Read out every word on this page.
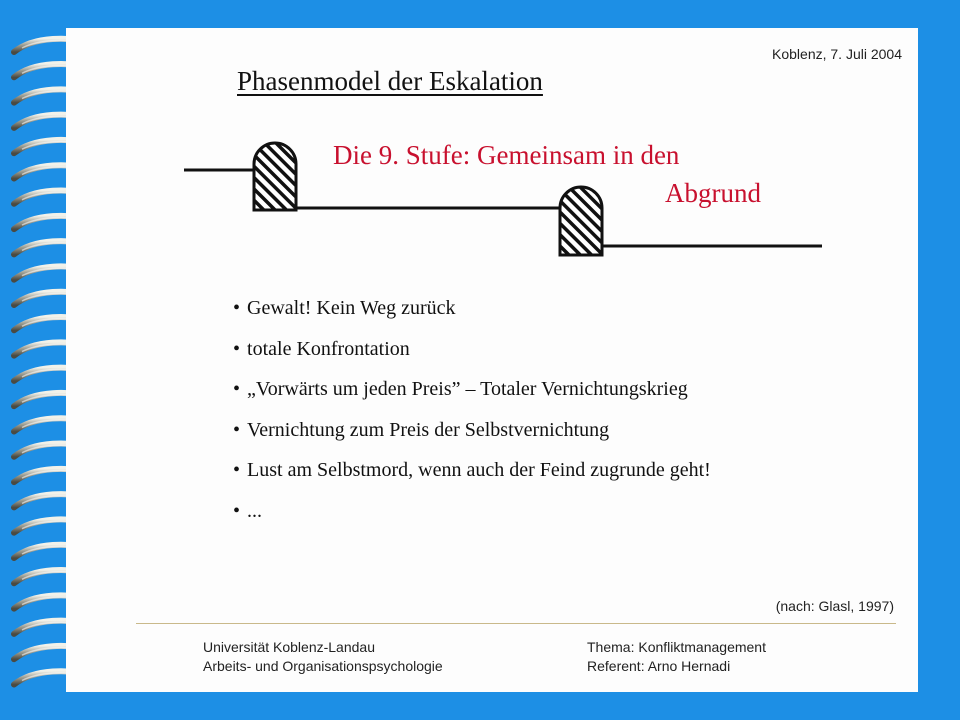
Koblenz, 7. Juli 2004
Phasenmodel der Eskalation
Die 9. Stufe: Gemeinsam in den
Abgrund
• Gewalt! Kein Weg zurück
• totale Konfrontation
• „Vorwärts um jeden Preis” – Totaler Vernichtungskrieg
• Vernichtung zum Preis der Selbstvernichtung
• Lust am Selbstmord, wenn auch der Feind zugrunde geht!
• ...
(nach: Glasl, 1997)
Universität Koblenz-Landau
Arbeits- und Organisationspsychologie
Thema: Konfliktmanagement
Referent: Arno Hernadi
